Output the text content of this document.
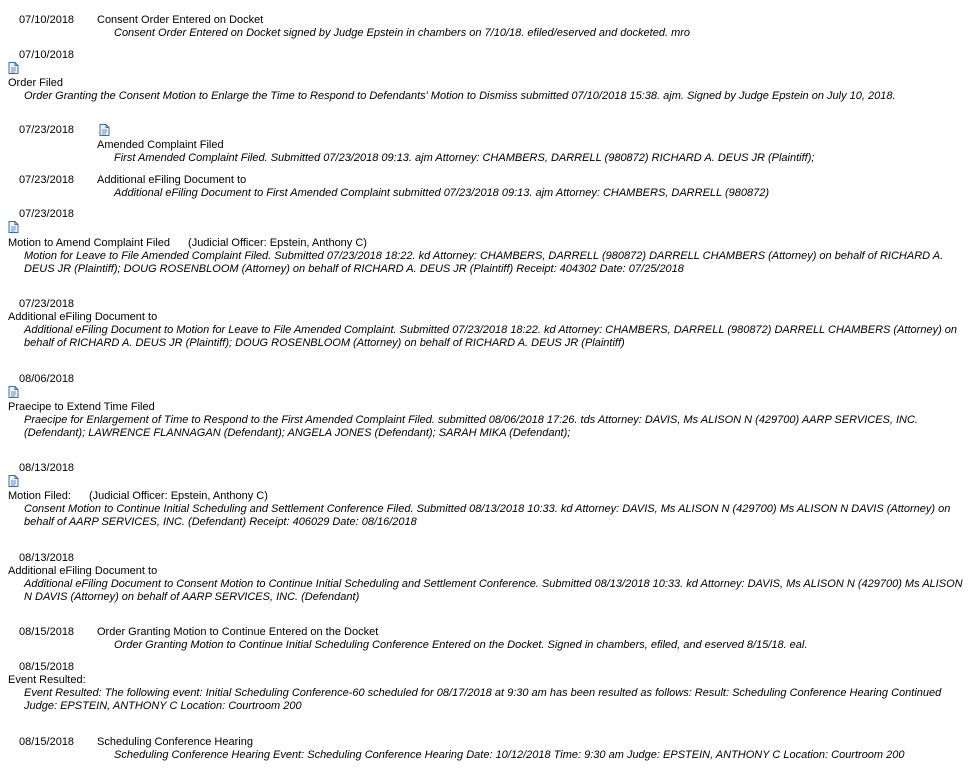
07/10/2018 Consent Order Entered on Docket
Consent Order Entered on Docket signed by Judge Epstein in chambers on 7/10/18. efiled/eserved and docketed. mro
07/10/2018
Order Filed
Order Granting the Consent Motion to Enlarge the Time to Respond to Defendants' Motion to Dismiss submitted 07/10/2018 15:38. ajm. Signed by Judge Epstein on July 10, 2018.
07/23/2018
Amended Complaint Filed
First Amended Complaint Filed. Submitted 07/23/2018 09:13. ajm Attorney: CHAMBERS, DARRELL (980872) RICHARD A. DEUS JR (Plaintiff);
07/23/2018 Additional eFiling Document to
Additional eFiling Document to First Amended Complaint submitted 07/23/2018 09:13. ajm Attorney: CHAMBERS, DARRELL (980872)
07/23/2018
Motion to Amend Complaint Filed (Judicial Officer: Epstein, Anthony C)
Motion for Leave to File Amended Complaint Filed. Submitted 07/23/2018 18:22. kd Attorney: CHAMBERS, DARRELL (980872) DARRELL CHAMBERS (Attorney) on behalf of RICHARD A. DEUS JR (Plaintiff); DOUG ROSENBLOOM (Attorney) on behalf of RICHARD A. DEUS JR (Plaintiff) Receipt: 404302 Date: 07/25/2018
07/23/2018
Additional eFiling Document to
Additional eFiling Document to Motion for Leave to File Amended Complaint. Submitted 07/23/2018 18:22. kd Attorney: CHAMBERS, DARRELL (980872) DARRELL CHAMBERS (Attorney) on behalf of RICHARD A. DEUS JR (Plaintiff); DOUG ROSENBLOOM (Attorney) on behalf of RICHARD A. DEUS JR (Plaintiff)
08/06/2018
Praecipe to Extend Time Filed
Praecipe for Enlargement of Time to Respond to the First Amended Complaint Filed. submitted 08/06/2018 17:26. tds Attorney: DAVIS, Ms ALISON N (429700) AARP SERVICES, INC. (Defendant); LAWRENCE FLANNAGAN (Defendant); ANGELA JONES (Defendant); SARAH MIKA (Defendant);
08/13/2018
Motion Filed: (Judicial Officer: Epstein, Anthony C)
Consent Motion to Continue Initial Scheduling and Settlement Conference Filed. Submitted 08/13/2018 10:33. kd Attorney: DAVIS, Ms ALISON N (429700) Ms ALISON N DAVIS (Attorney) on behalf of AARP SERVICES, INC. (Defendant) Receipt: 406029 Date: 08/16/2018
08/13/2018
Additional eFiling Document to
Additional eFiling Document to Consent Motion to Continue Initial Scheduling and Settlement Conference. Submitted 08/13/2018 10:33. kd Attorney: DAVIS, Ms ALISON N (429700) Ms ALISON N DAVIS (Attorney) on behalf of AARP SERVICES, INC. (Defendant)
08/15/2018 Order Granting Motion to Continue Entered on the Docket
Order Granting Motion to Continue Initial Scheduling Conference Entered on the Docket. Signed in chambers, efiled, and eserved 8/15/18. eal.
08/15/2018
Event Resulted:
Event Resulted: The following event: Initial Scheduling Conference-60 scheduled for 08/17/2018 at 9:30 am has been resulted as follows: Result: Scheduling Conference Hearing Continued Judge: EPSTEIN, ANTHONY C Location: Courtroom 200
08/15/2018 Scheduling Conference Hearing
Scheduling Conference Hearing Event: Scheduling Conference Hearing Date: 10/12/2018 Time: 9:30 am Judge: EPSTEIN, ANTHONY C Location: Courtroom 200
